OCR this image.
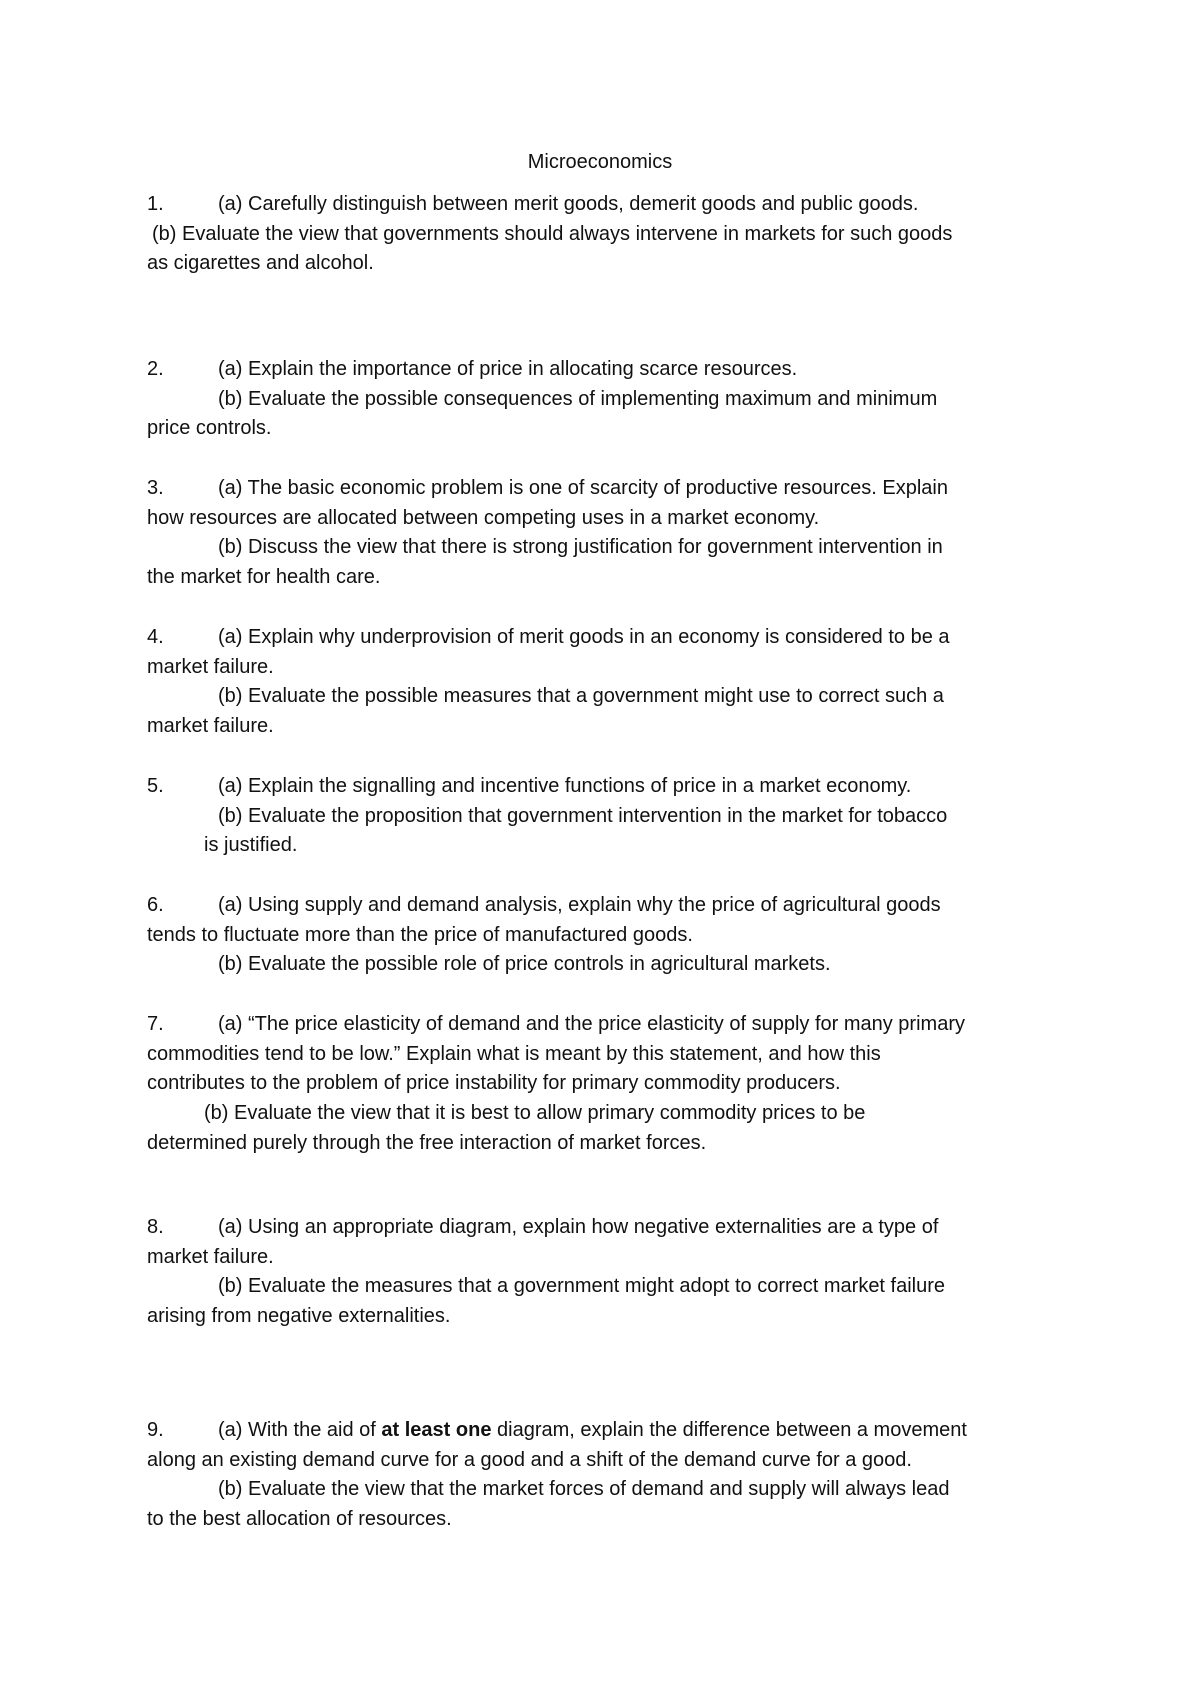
Microeconomics
1.	(a) Carefully distinguish between merit goods, demerit goods and public goods.
(b) Evaluate the view that governments should always intervene in markets for such goods
as cigarettes and alcohol.
2.	(a) Explain the importance of price in allocating scarce resources.
(b) Evaluate the possible consequences of implementing maximum and minimum
price controls.
3.	(a) The basic economic problem is one of scarcity of productive resources. Explain
how resources are allocated between competing uses in a market economy.
(b) Discuss the view that there is strong justification for government intervention in
the market for health care.
4.	(a) Explain why underprovision of merit goods in an economy is considered to be a
market failure.
(b) Evaluate the possible measures that a government might use to correct such a
market failure.
5.	(a) Explain the signalling and incentive functions of price in a market economy.
(b) Evaluate the proposition that government intervention in the market for tobacco
is justified.
6.	(a) Using supply and demand analysis, explain why the price of agricultural goods
tends to fluctuate more than the price of manufactured goods.
(b) Evaluate the possible role of price controls in agricultural markets.
7.	(a) “The price elasticity of demand and the price elasticity of supply for many primary
commodities tend to be low.” Explain what is meant by this statement, and how this
contributes to the problem of price instability for primary commodity producers.
(b) Evaluate the view that it is best to allow primary commodity prices to be
determined purely through the free interaction of market forces.
8.	(a) Using an appropriate diagram, explain how negative externalities are a type of
market failure.
(b) Evaluate the measures that a government might adopt to correct market failure
arising from negative externalities.
9.	(a) With the aid of at least one diagram, explain the difference between a movement
along an existing demand curve for a good and a shift of the demand curve for a good.
(b) Evaluate the view that the market forces of demand and supply will always lead
to the best allocation of resources.
